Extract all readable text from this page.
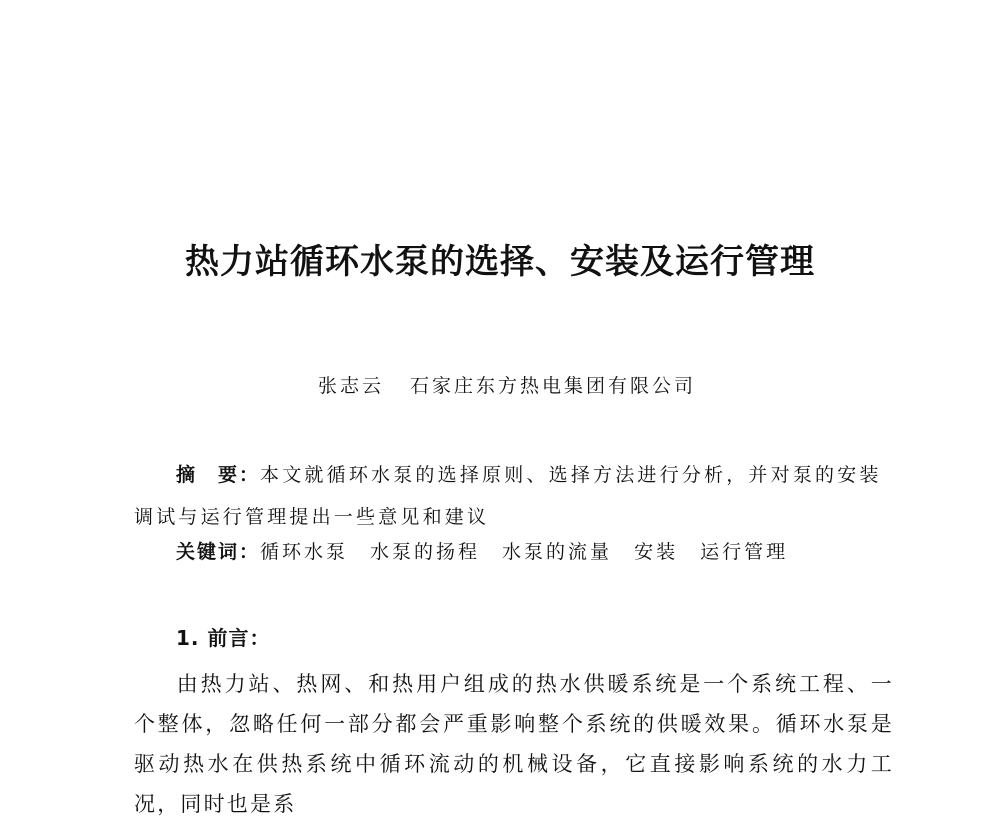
热力站循环水泵的选择、安装及运行管理
张志云 石家庄东方热电集团有限公司
摘　要：本文就循环水泵的选择原则、选择方法进行分析，并对泵的安装调试与运行管理提出一些意见和建议
关键词：循环水泵 水泵的扬程 水泵的流量 安装 运行管理
1. 前言：
由热力站、热网、和热用户组成的热水供暖系统是一个系统工程、一个整体，忽略任何一部分都会严重影响整个系统的供暖效果。循环水泵是驱动热水在供热系统中循环流动的机械设备，它直接影响系统的水力工况，同时也是系
